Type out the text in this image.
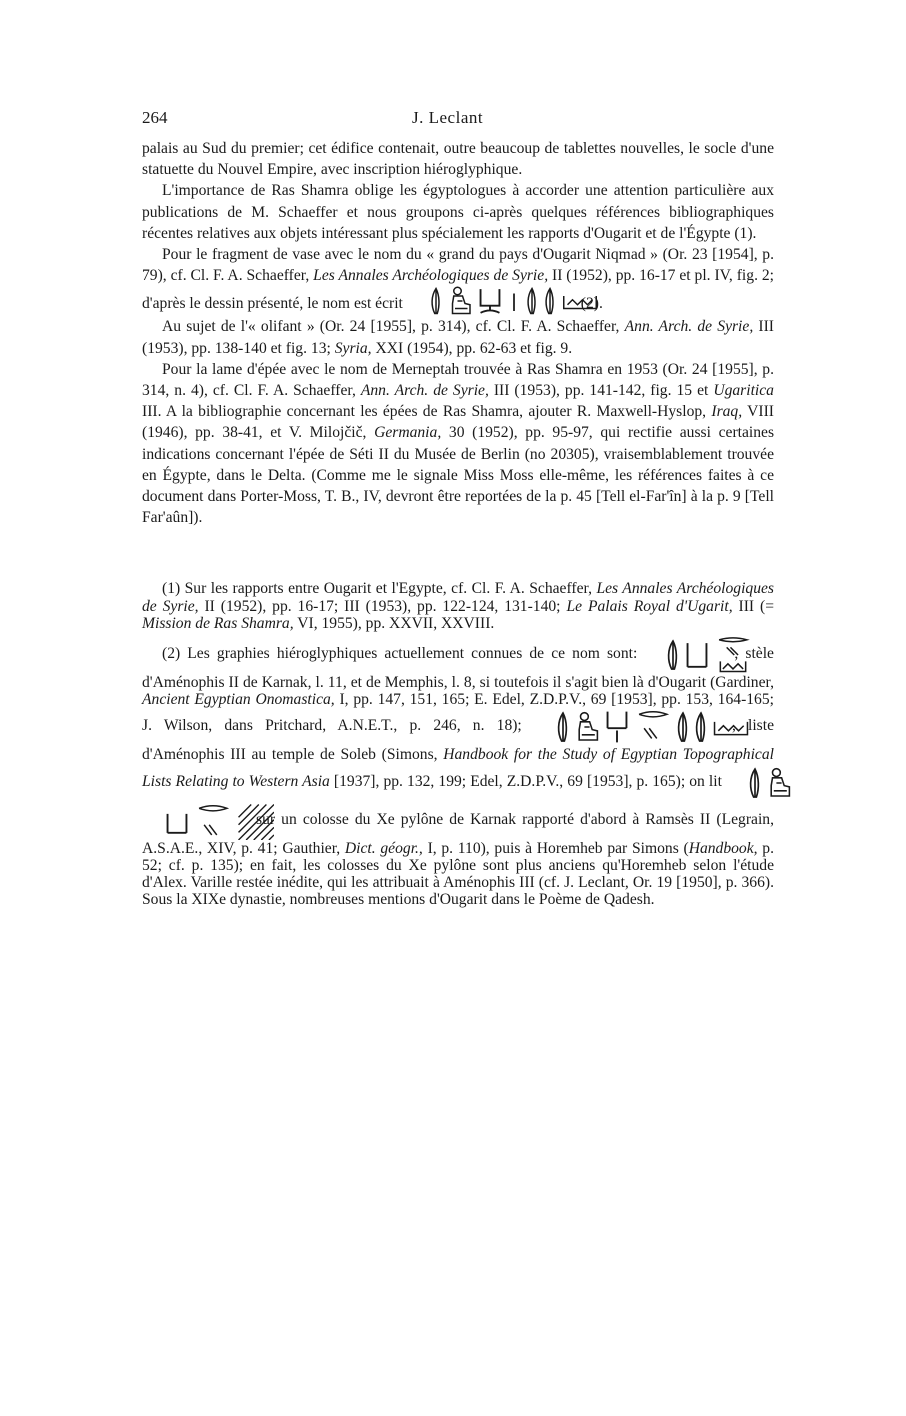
264	J. Leclant

palais au Sud du premier; cet édifice contenait, outre beaucoup de tablettes nouvelles, le socle d'une statuette du Nouvel Empire, avec inscription hiéroglyphique.

L'importance de Ras Shamra oblige les égyptologues à accorder une attention particulière aux publications de M. Schaeffer et nous groupons ci-après quelques références bibliographiques récentes relatives aux objets intéressant plus spécialement les rapports d'Ougarit et de l'Égypte (1).

Pour le fragment de vase avec le nom du « grand du pays d'Ougarit Niqmad » (Or. 23 [1954], p. 79), cf. Cl. F. A. Schaeffer, Les Annales Archéologiques de Syrie, II (1952), pp. 16-17 et pl. IV, fig. 2; d'après le dessin présenté, le nom est écrit	(2).

Au sujet de l'« olifant » (Or. 24 [1955], p. 314), cf. Cl. F. A. Schaeffer, Ann. Arch. de Syrie, III (1953), pp. 138-140 et fig. 13; Syria, XXI (1954), pp. 62-63 et fig. 9.

Pour la lame d'épée avec le nom de Merneptah trouvée à Ras Shamra en 1953 (Or. 24 [1955], p. 314, n. 4), cf. Cl. F. A. Schaeffer, Ann. Arch. de Syrie, III (1953), pp. 141-142, fig. 15 et Ugaritica III. A la bibliographie concernant les épées de Ras Shamra, ajouter R. Maxwell-Hyslop, Iraq, VIII (1946), pp. 38-41, et V. Milojčič, Germania, 30 (1952), pp. 95-97, qui rectifie aussi certaines indications concernant l'épée de Séti II du Musée de Berlin (no 20305), vraisemblablement trouvée en Égypte, dans le Delta. (Comme me le signale Miss Moss elle-même, les références faites à ce document dans Porter-Moss, T. B., IV, devront être reportées de la p. 45 [Tell el-Far'în] à la p. 9 [Tell Far'aûn]).

(1) Sur les rapports entre Ougarit et l'Egypte, cf. Cl. F. A. Schaeffer, Les Annales Archéologiques de Syrie, II (1952), pp. 16-17; III (1953), pp. 122-124, 131-140; Le Palais Royal d'Ugarit, III (= Mission de Ras Shamra, VI, 1955), pp. XXVII, XXVIII.

(2) Les graphies hiéroglyphiques actuellement connues de ce nom sont:	, stèle d'Aménophis II de Karnak, l. 11, et de Memphis, l. 8, si toutefois il s'agit bien là d'Ougarit (Gardiner, Ancient Egyptian Onomastica, I, pp. 147, 151, 165; E. Edel, Z.D.P.V., 69 [1953], pp. 153, 164-165; J. Wilson, dans Pritchard, A.N.E.T., p. 246, n. 18);	, liste d'Aménophis III au temple de Soleb (Simons, Handbook for the Study of Egyptian Topographical Lists Relating to Western Asia [1937], pp. 132, 199; Edel, Z.D.P.V., 69 [1953], p. 165); on lit sur un colosse du Xe pylône de Karnak rapporté d'abord à Ramsès II (Legrain, A.S.A.E., XIV, p. 41; Gauthier, Dict. géogr., I, p. 110), puis à Horemheb par Simons (Handbook, p. 52; cf. p. 135); en fait, les colosses du Xe pylône sont plus anciens qu'Horemheb selon l'étude d'Alex. Varille restée inédite, qui les attribuait à Aménophis III (cf. J. Leclant, Or. 19 [1950], p. 366). Sous la XIXe dynastie, nombreuses mentions d'Ougarit dans le Poème de Qadesh.
